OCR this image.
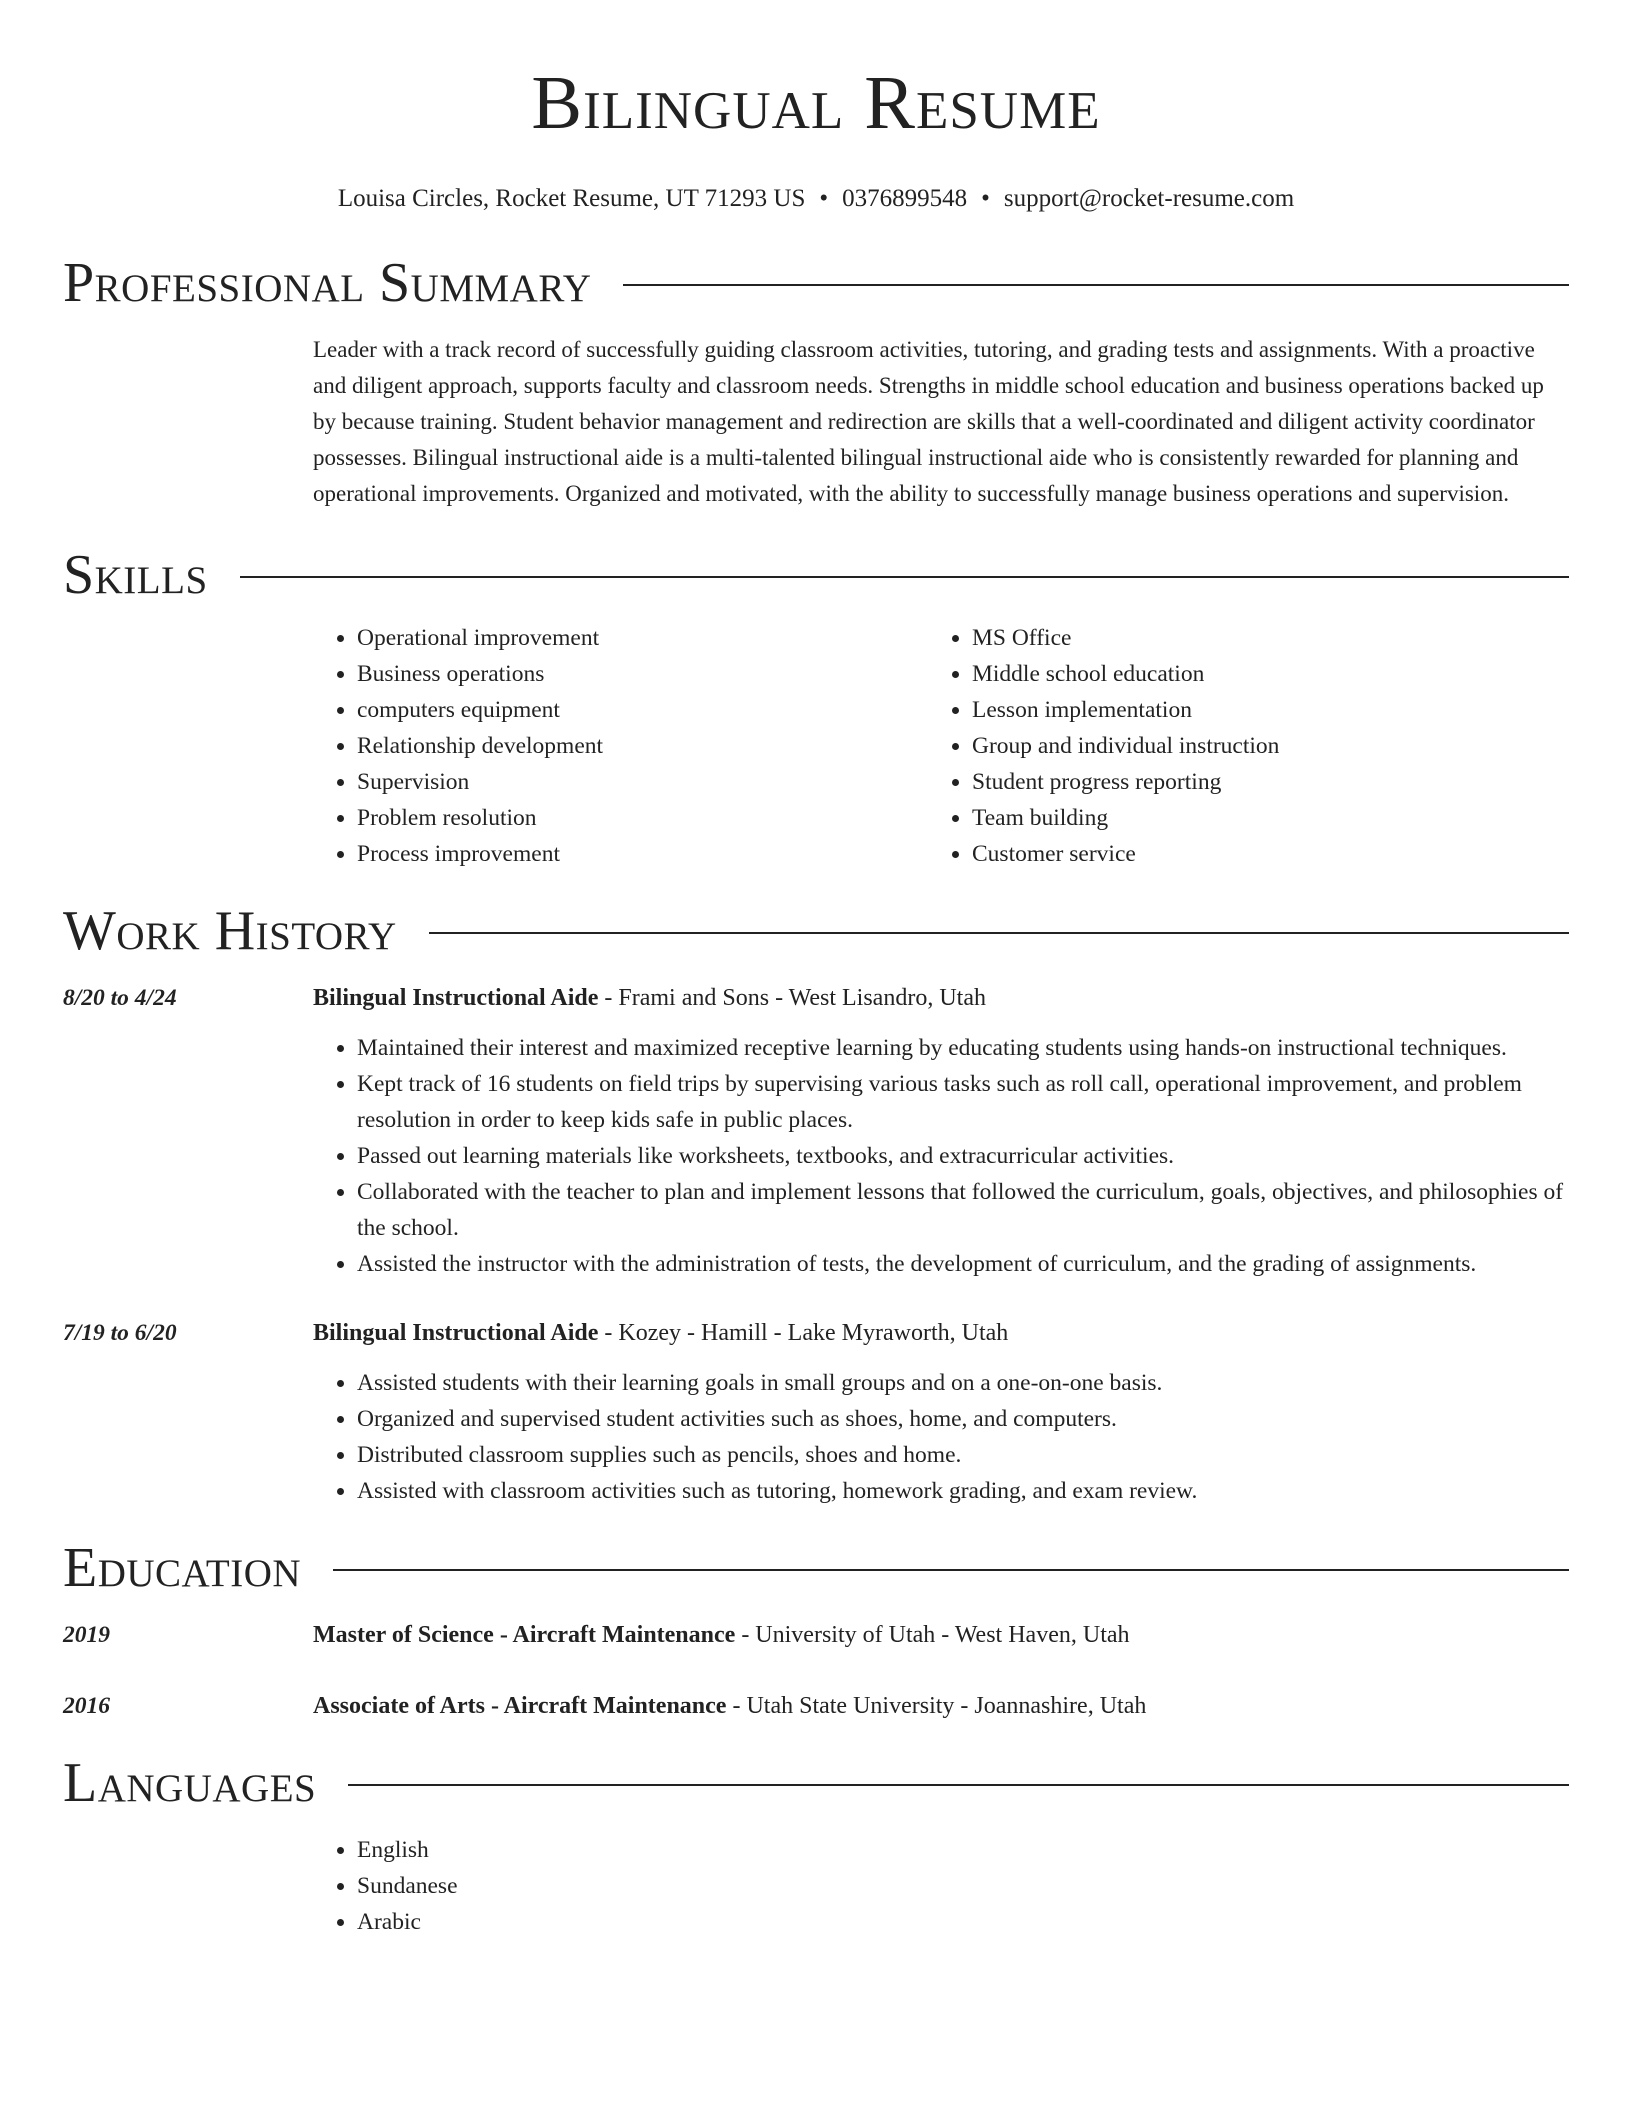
Bilingual Resume
Louisa Circles, Rocket Resume, UT 71293 US • 0376899548 • support@rocket-resume.com
Professional Summary

Leader with a track record of successfully guiding classroom activities, tutoring, and grading tests and assignments. With a proactive and diligent approach, supports faculty and classroom needs. Strengths in middle school education and business operations backed up by because training. Student behavior management and redirection are skills that a well-coordinated and diligent activity coordinator possesses. Bilingual instructional aide is a multi-talented bilingual instructional aide who is consistently rewarded for planning and operational improvements. Organized and motivated, with the ability to successfully manage business operations and supervision.

Skills
• Operational improvement
• Business operations
• computers equipment
• Relationship development
• Supervision
• Problem resolution
• Process improvement
• MS Office
• Middle school education
• Lesson implementation
• Group and individual instruction
• Student progress reporting
• Team building
• Customer service
Work History
8/20 to 4/24	Bilingual Instructional Aide - Frami and Sons - West Lisandro, Utah
• Maintained their interest and maximized receptive learning by educating students using hands-on instructional techniques.
• Kept track of 16 students on field trips by supervising various tasks such as roll call, operational improvement, and problem resolution in order to keep kids safe in public places.
• Passed out learning materials like worksheets, textbooks, and extracurricular activities.
• Collaborated with the teacher to plan and implement lessons that followed the curriculum, goals, objectives, and philosophies of the school.
• Assisted the instructor with the administration of tests, the development of curriculum, and the grading of assignments.
7/19 to 6/20	Bilingual Instructional Aide - Kozey - Hamill - Lake Myraworth, Utah
• Assisted students with their learning goals in small groups and on a one-on-one basis.
• Organized and supervised student activities such as shoes, home, and computers.
• Distributed classroom supplies such as pencils, shoes and home.
• Assisted with classroom activities such as tutoring, homework grading, and exam review.
Education
2019	Master of Science - Aircraft Maintenance - University of Utah - West Haven, Utah
2016	Associate of Arts - Aircraft Maintenance - Utah State University - Joannashire, Utah
Languages
• English
• Sundanese
• Arabic
